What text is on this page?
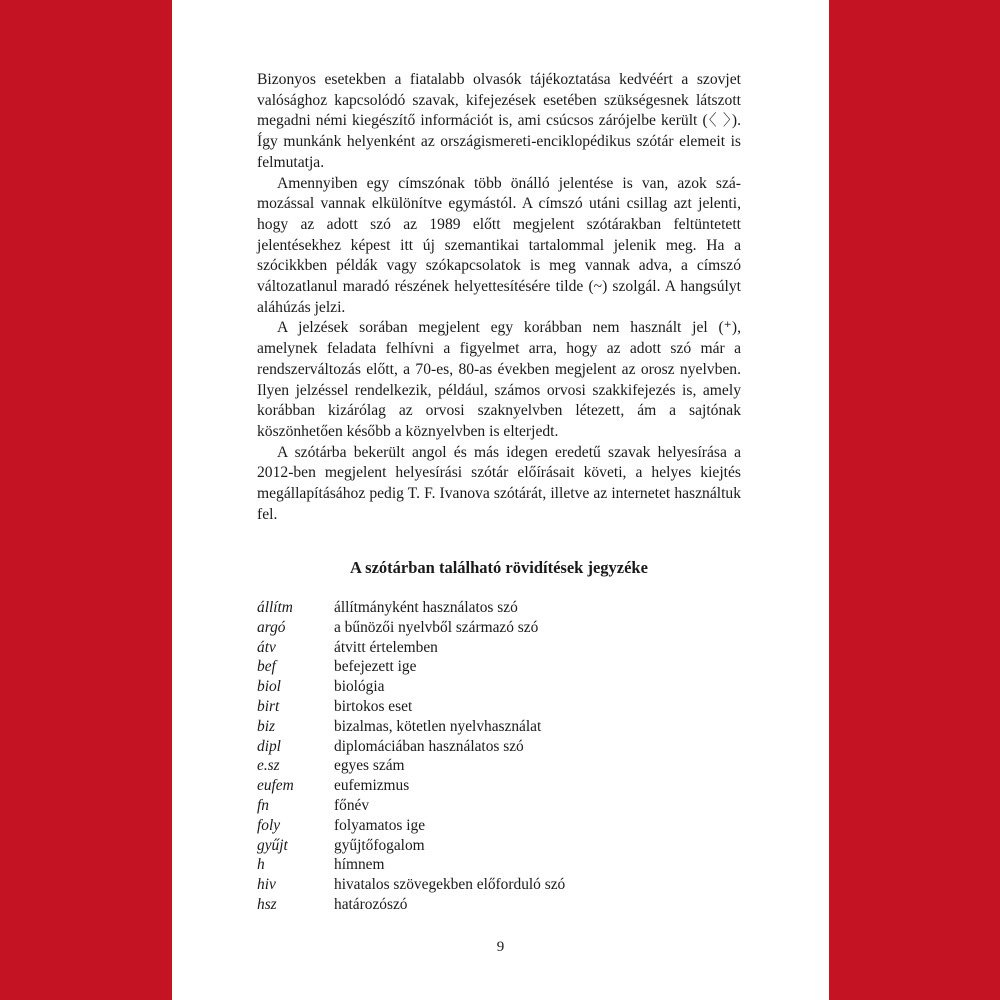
Bizonyos esetekben a fiatalabb olvasók tájékoztatása kedvéért a szovjet valósághoz kapcsolódó szavak, kifejezések esetében szükségesnek látszott megadni némi kiegészítő információt is, ami csúcsos zárójelbe került (〈 〉). Így munkánk helyenként az országismereti-enciklopédikus szótár elemeit is felmutatja.

Amennyiben egy címszónak több önálló jelentése is van, azok számozással vannak elkülönítve egymástól. A címszó utáni csillag azt jelenti, hogy az adott szó az 1989 előtt megjelent szótárakban feltüntetett jelentésekhez képest itt új szemantikai tartalommal jelenik meg. Ha a szócikkben példák vagy szókapcsolatok is meg vannak adva, a címszó változatlanul maradó részének helyettesítésére tilde (~) szolgál. A hangsúlyt aláhúzás jelzi.

A jelzések sorában megjelent egy korábban nem használt jel (⁺), amelynek feladata felhívni a figyelmet arra, hogy az adott szó már a rendszerváltozás előtt, a 70-es, 80-as években megjelent az orosz nyelvben. Ilyen jelzéssel rendelkezik, például, számos orvosi szakkifejezés is, amely korábban kizárólag az orvosi szaknyelvben létezett, ám a sajtónak köszönhetően később a köznyelvben is elterjedt.

A szótárba bekerült angol és más idegen eredetű szavak helyesírása a 2012-ben megjelent helyesírási szótár előírásait követi, a helyes kiejtés megállapításához pedig T. F. Ivanova szótárát, illetve az internetet használtuk fel.

A szótárban található rövidítések jegyzéke
állítm	állítmányként használatos szó
argó	a bűnözői nyelvből származó szó
átv	átvitt értelemben
bef	befejezett ige
biol	biológia
birt	birtokos eset
biz	bizalmas, kötetlen nyelvhasználat
dipl	diplomáciában használatos szó
e.sz	egyes szám
eufem	eufemizmus
fn	főnév
foly	folyamatos ige
gyűjt	gyűjtőfogalom
h	hímnem
hiv	hivatalos szövegekben előforduló szó
hsz	határozószó
9
